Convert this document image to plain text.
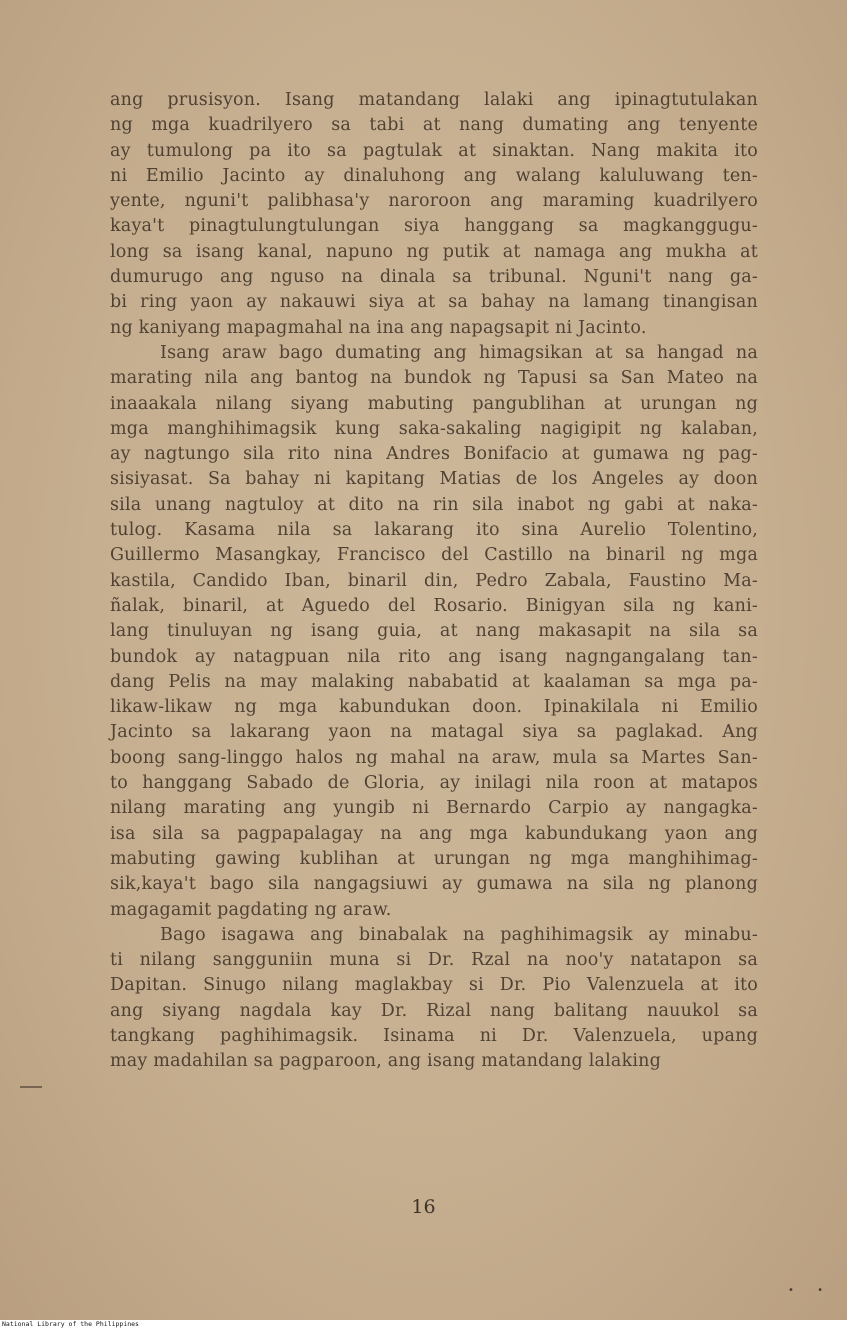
ang prusisyon. Isang matandang lalaki ang ipinagtutulakan
ng mga kuadrilyero sa tabi at nang dumating ang tenyente
ay tumulong pa ito sa pagtulak at sinaktan. Nang makita ito
ni Emilio Jacinto ay dinaluhong ang walang kaluluwang ten-
yente, nguni't palibhasa'y naroroon ang maraming kuadrilyero
kaya't pinagtulungtulungan siya hanggang sa magkanggugu-
long sa isang kanal, napuno ng putik at namaga ang mukha at
dumurugo ang nguso na dinala sa tribunal. Nguni't nang ga-
bi ring yaon ay nakauwi siya at sa bahay na lamang tinangisan
ng kaniyang mapagmahal na ina ang napagsapit ni Jacinto.
Isang araw bago dumating ang himagsikan at sa hangad na
marating nila ang bantog na bundok ng Tapusi sa San Mateo na
inaaakala nilang siyang mabuting pangublihan at urungan ng
mga manghihimagsik kung saka-sakaling nagigipit ng kalaban,
ay nagtungo sila rito nina Andres Bonifacio at gumawa ng pag-
sisiyasat. Sa bahay ni kapitang Matias de los Angeles ay doon
sila unang nagtuloy at dito na rin sila inabot ng gabi at naka-
tulog. Kasama nila sa lakarang ito sina Aurelio Tolentino,
Guillermo Masangkay, Francisco del Castillo na binaril ng mga
kastila, Candido Iban, binaril din, Pedro Zabala, Faustino Ma-
ñalak, binaril, at Aguedo del Rosario. Binigyan sila ng kani-
lang tinuluyan ng isang guia, at nang makasapit na sila sa
bundok ay natagpuan nila rito ang isang nagngangalang tan-
dang Pelis na may malaking nababatid at kaalaman sa mga pa-
likaw-likaw ng mga kabundukan doon. Ipinakilala ni Emilio
Jacinto sa lakarang yaon na matagal siya sa paglakad. Ang
boong sang-linggo halos ng mahal na araw, mula sa Martes San-
to hanggang Sabado de Gloria, ay inilagi nila roon at matapos
nilang marating ang yungib ni Bernardo Carpio ay nangagka-
isa sila sa pagpapalagay na ang mga kabundukang yaon ang
mabuting gawing kublihan at urungan ng mga manghihimag-
sik,kaya't bago sila nangagsiuwi ay gumawa na sila ng planong
magagamit pagdating ng araw.
Bago isagawa ang binabalak na paghihimagsik ay minabu-
ti nilang sangguniin muna si Dr. Rzal na noo'y natatapon sa
Dapitan. Sinugo nilang maglakbay si Dr. Pio Valenzuela at ito
ang siyang nagdala kay Dr. Rizal nang balitang nauukol sa
tangkang paghihimagsik. Isinama ni Dr. Valenzuela, upang
may madahilan sa pagparoon, ang isang matandang lalaking
16
• •
National Library of the Philippines
